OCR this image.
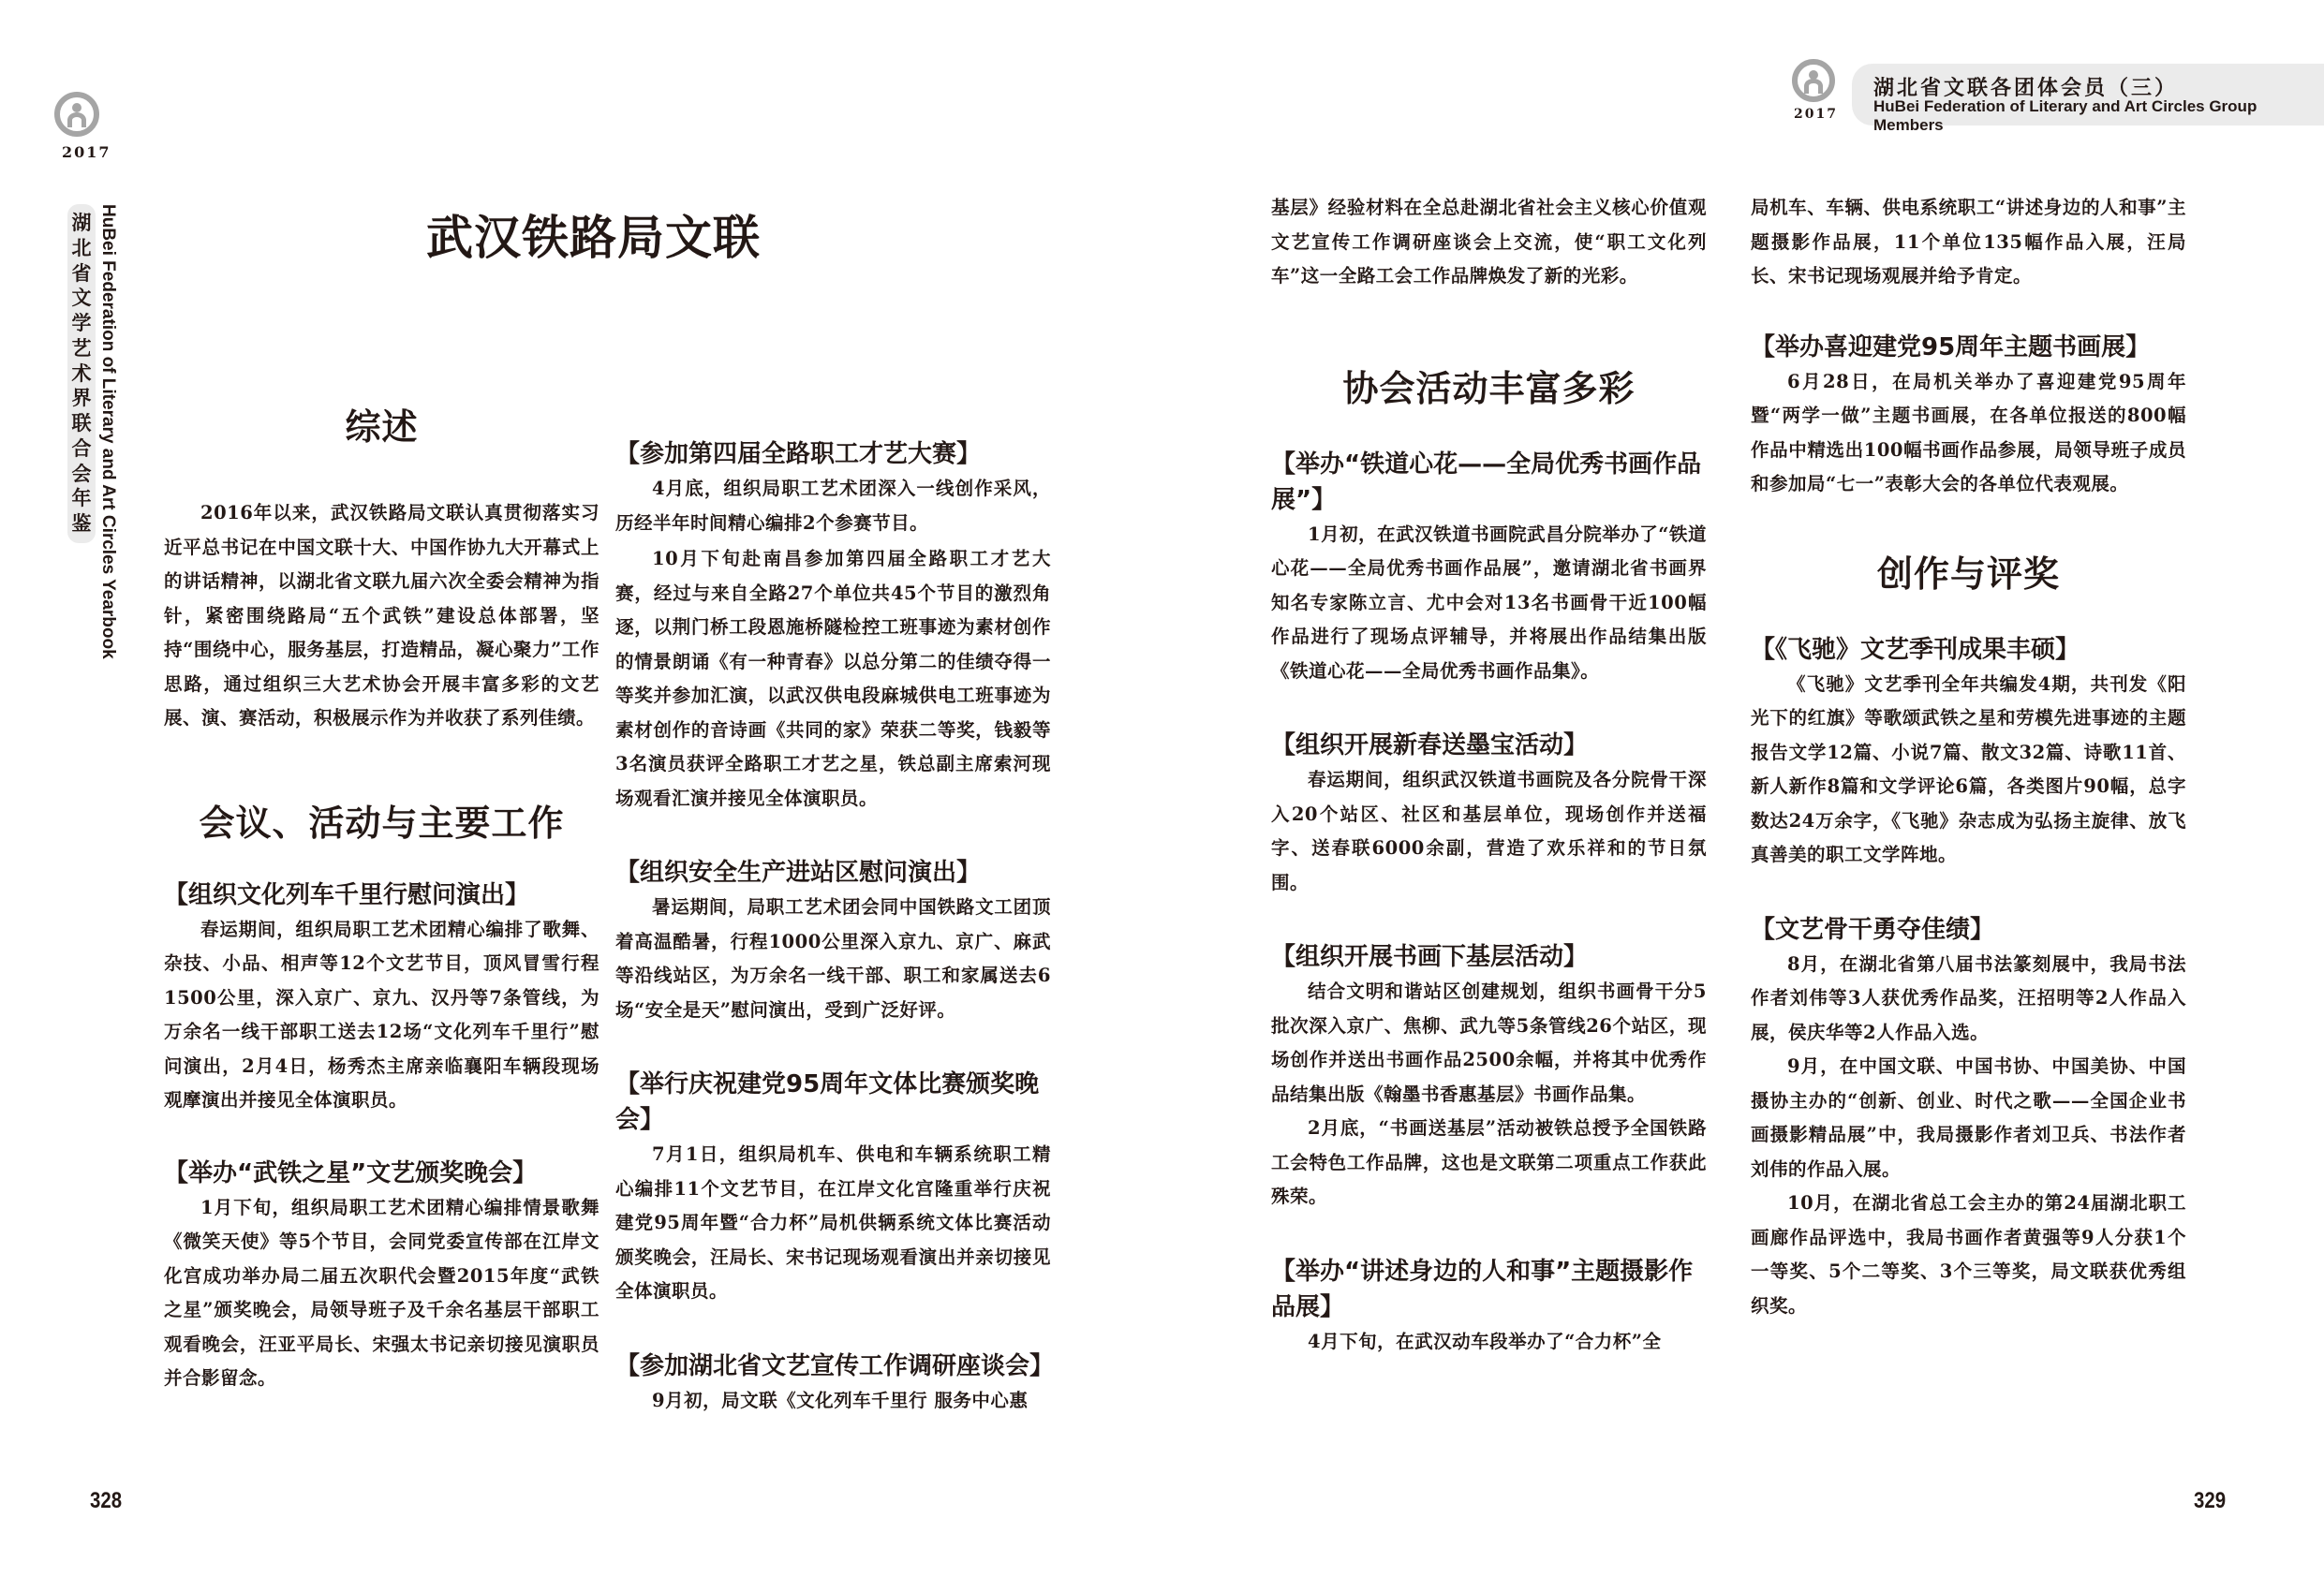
2017
湖
北
省
文
学
艺
术
界
联
合
会
年
鉴 HuBei Federation of Literary and Art Circles Yearbook	武汉铁路局文联
综述

2016年以来，武汉铁路局文联认真贯彻落实习近平总书记在中国文联十大、中国作协九大开幕式上的讲话精神，以湖北省文联九届六次全委会精神为指针，紧密围绕路局“五个武铁”建设总体部署，坚持“围绕中心，服务基层，打造精品，凝心聚力”工作思路，通过组织三大艺术协会开展丰富多彩的文艺展、演、赛活动，积极展示作为并收获了系列佳绩。

会议、活动与主要工作

【组织文化列车千里行慰问演出】

春运期间，组织局职工艺术团精心编排了歌舞、杂技、小品、相声等12个文艺节目，顶风冒雪行程1500公里，深入京广、京九、汉丹等7条管线，为万余名一线干部职工送去12场“文化列车千里行”慰问演出，2月4日，杨秀杰主席亲临襄阳车辆段现场观摩演出并接见全体演职员。

【举办“武铁之星”文艺颁奖晚会】

1月下旬，组织局职工艺术团精心编排情景歌舞《微笑天使》等5个节目，会同党委宣传部在江岸文化宫成功举办局二届五次职代会暨2015年度“武铁之星”颁奖晚会，局领导班子及千余名基层干部职工观看晚会，汪亚平局长、宋强太书记亲切接见演职员并合影留念。

【参加第四届全路职工才艺大赛】

4月底，组织局职工艺术团深入一线创作采风，历经半年时间精心编排2个参赛节目。

10月下旬赴南昌参加第四届全路职工才艺大赛，经过与来自全路27个单位共45个节目的激烈角逐，以荆门桥工段恩施桥隧检控工班事迹为素材创作的情景朗诵《有一种青春》以总分第二的佳绩夺得一等奖并参加汇演，以武汉供电段麻城供电工班事迹为素材创作的音诗画《共同的家》荣获二等奖，钱毅等3名演员获评全路职工才艺之星，铁总副主席索河现场观看汇演并接见全体演职员。

【组织安全生产进站区慰问演出】

暑运期间，局职工艺术团会同中国铁路文工团顶着高温酷暑，行程1000公里深入京九、京广、麻武等沿线站区，为万余名一线干部、职工和家属送去6场“安全是天”慰问演出，受到广泛好评。

【举行庆祝建党95周年文体比赛颁奖晚会】

7月1日，组织局机车、供电和车辆系统职工精心编排11个文艺节目，在江岸文化宫隆重举行庆祝建党95周年暨“合力杯”局机供辆系统文体比赛活动颁奖晚会，汪局长、宋书记现场观看演出并亲切接见全体演职员。

【参加湖北省文艺宣传工作调研座谈会】

9月初，局文联《文化列车千里行 服务中心惠

328
2017
湖北省文联各团体会员（三）
HuBei Federation of Literary and Art Circles Group Members

基层》经验材料在全总赴湖北省社会主义核心价值观文艺宣传工作调研座谈会上交流，使“职工文化列车”这一全路工会工作品牌焕发了新的光彩。

协会活动丰富多彩

【举办“铁道心花——全局优秀书画作品展”】

1月初，在武汉铁道书画院武昌分院举办了“铁道心花——全局优秀书画作品展”，邀请湖北省书画界知名专家陈立言、尤中会对13名书画骨干近100幅作品进行了现场点评辅导，并将展出作品结集出版《铁道心花——全局优秀书画作品集》。

【组织开展新春送墨宝活动】

春运期间，组织武汉铁道书画院及各分院骨干深入20个站区、社区和基层单位，现场创作并送福字、送春联6000余副，营造了欢乐祥和的节日氛围。

【组织开展书画下基层活动】

结合文明和谐站区创建规划，组织书画骨干分5批次深入京广、焦柳、武九等5条管线26个站区，现场创作并送出书画作品2500余幅，并将其中优秀作品结集出版《翰墨书香惠基层》书画作品集。

2月底，“书画送基层”活动被铁总授予全国铁路工会特色工作品牌，这也是文联第二项重点工作获此殊荣。

【举办“讲述身边的人和事”主题摄影作品展】

4月下旬，在武汉动车段举办了“合力杯”全

局机车、车辆、供电系统职工“讲述身边的人和事”主题摄影作品展，11个单位135幅作品入展，汪局长、宋书记现场观展并给予肯定。

【举办喜迎建党95周年主题书画展】

6月28日，在局机关举办了喜迎建党95周年暨“两学一做”主题书画展，在各单位报送的800幅作品中精选出100幅书画作品参展，局领导班子成员和参加局“七一”表彰大会的各单位代表观展。

创作与评奖

【《飞驰》文艺季刊成果丰硕】

《飞驰》文艺季刊全年共编发4期，共刊发《阳光下的红旗》等歌颂武铁之星和劳模先进事迹的主题报告文学12篇、小说7篇、散文32篇、诗歌11首、新人新作8篇和文学评论6篇，各类图片90幅，总字数达24万余字，《飞驰》杂志成为弘扬主旋律、放飞真善美的职工文学阵地。

【文艺骨干勇夺佳绩】

8月，在湖北省第八届书法篆刻展中，我局书法作者刘伟等3人获优秀作品奖，汪招明等2人作品入展，侯庆华等2人作品入选。

9月，在中国文联、中国书协、中国美协、中国摄协主办的“创新、创业、时代之歌——全国企业书画摄影精品展”中，我局摄影作者刘卫兵、书法作者刘伟的作品入展。

10月，在湖北省总工会主办的第24届湖北职工画廊作品评选中，我局书画作者黄强等9人分获1个一等奖、5个二等奖、3个三等奖，局文联获优秀组织奖。

329
